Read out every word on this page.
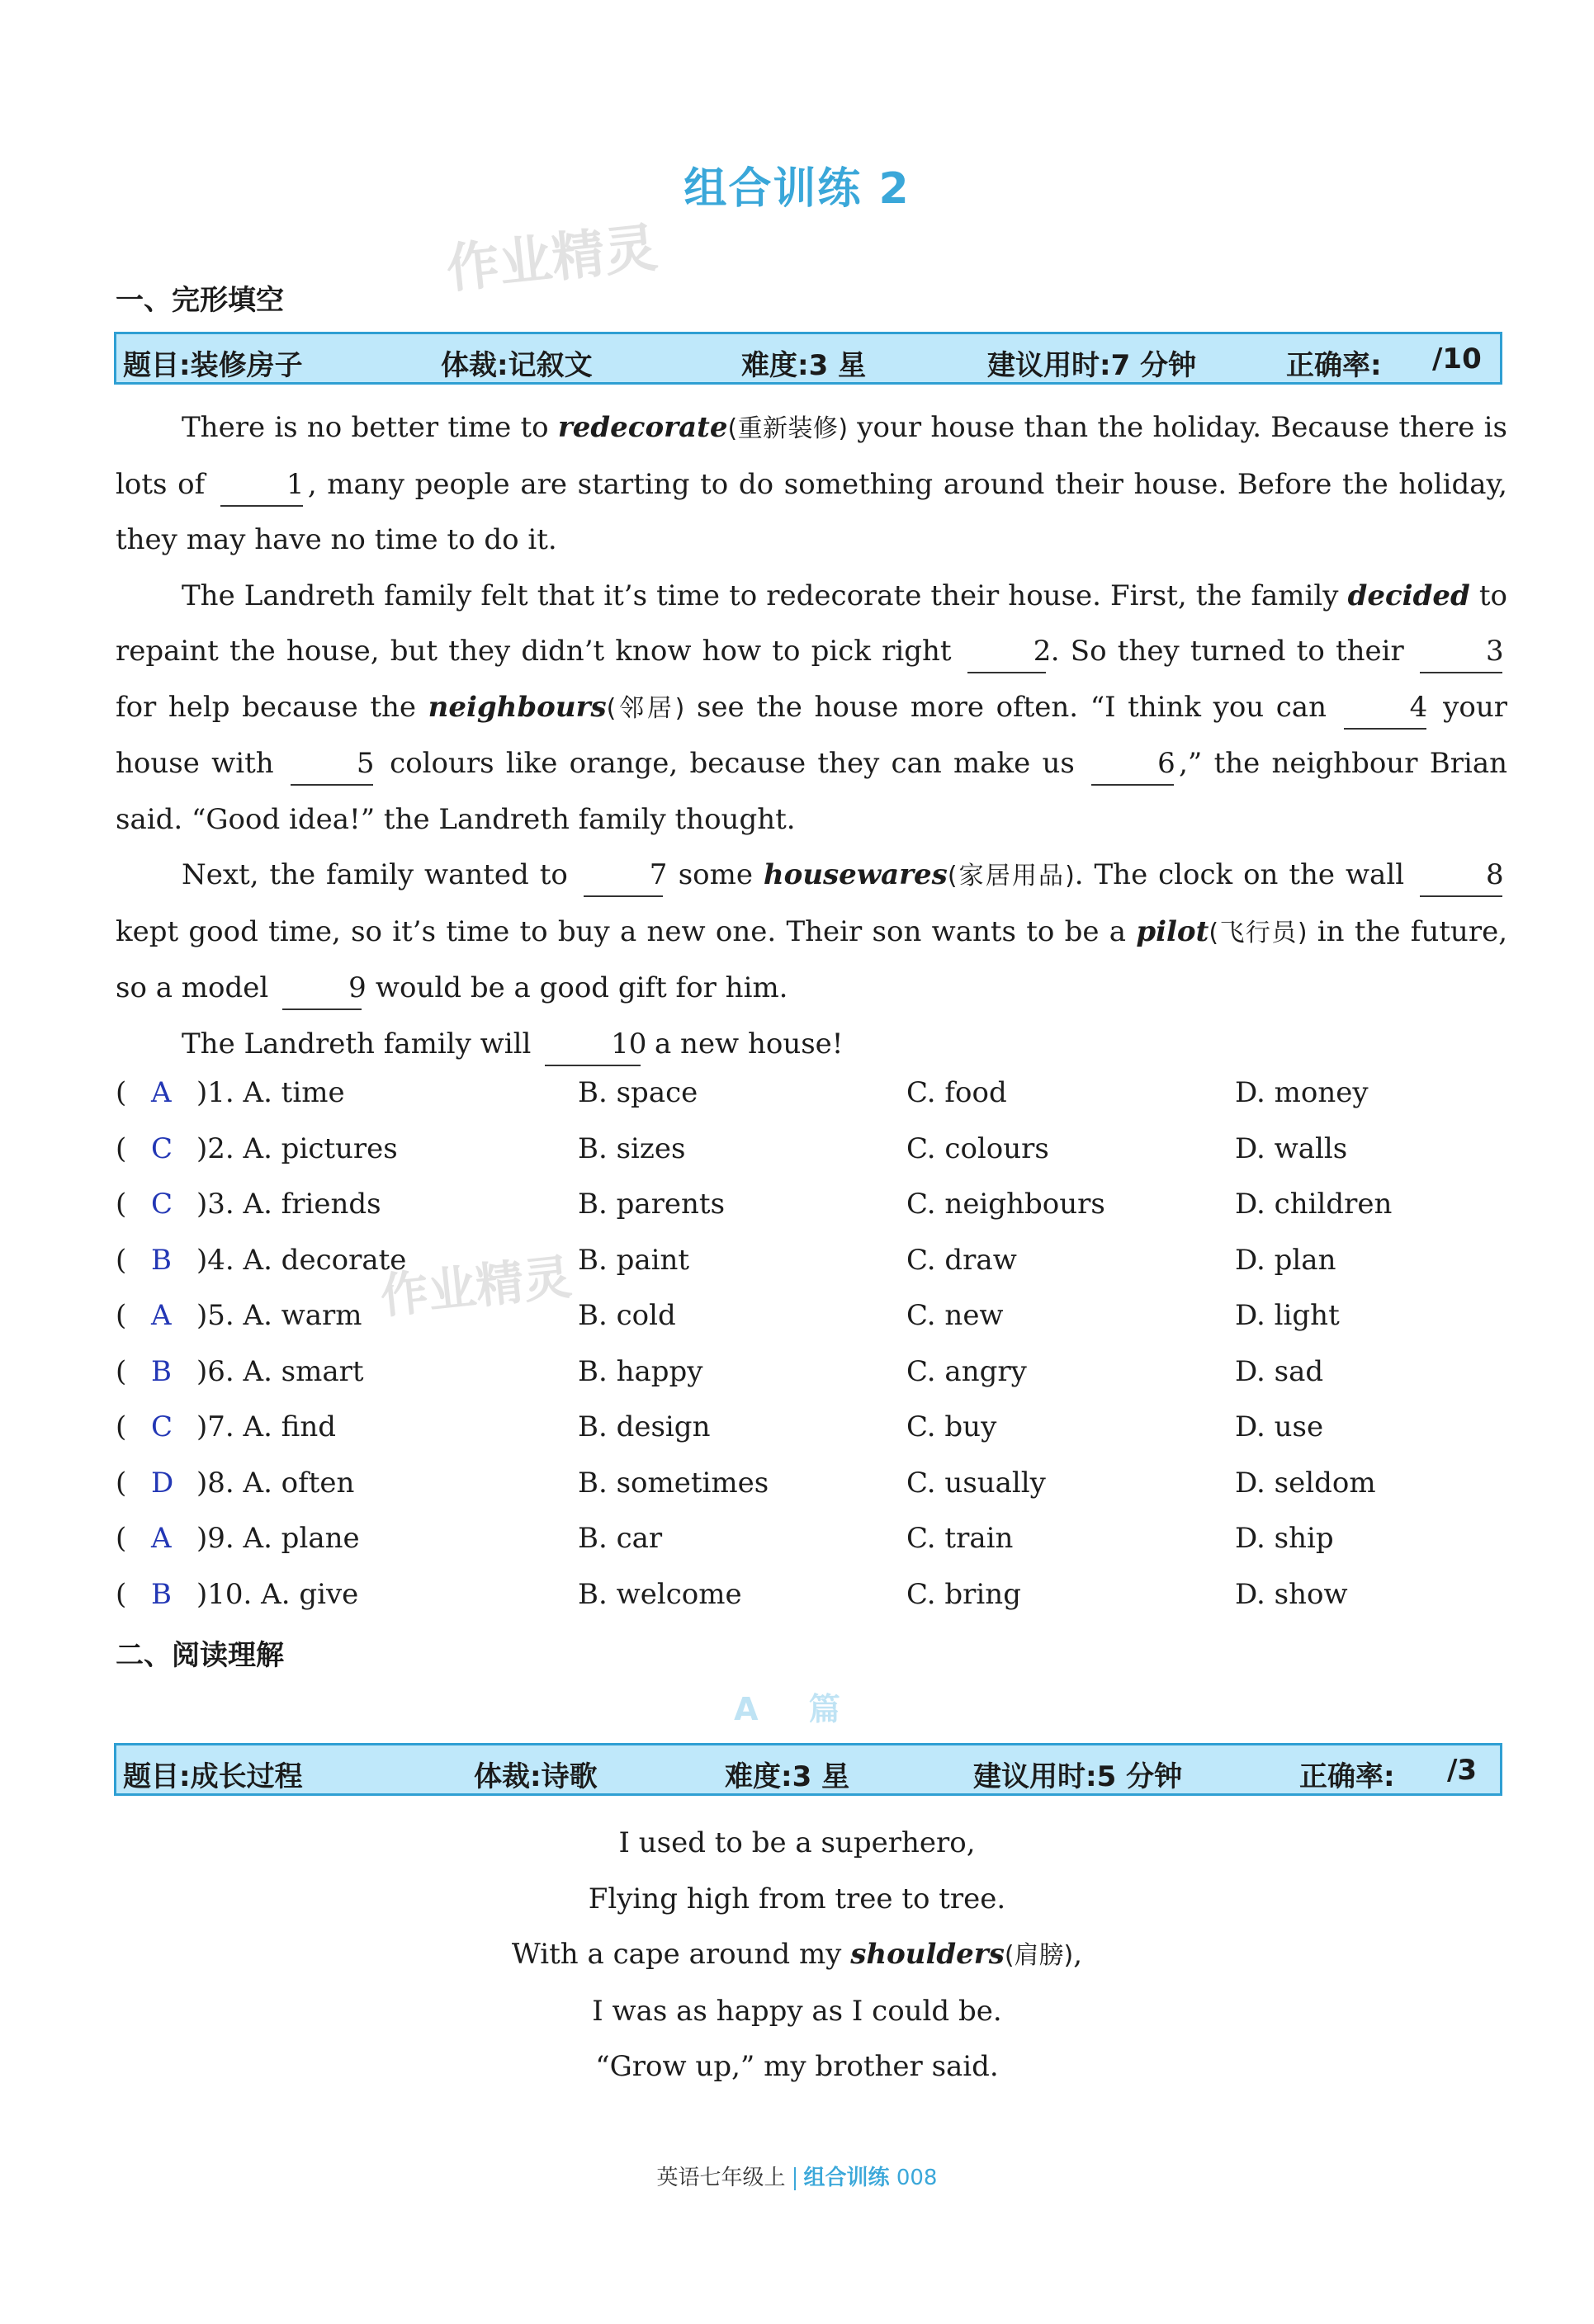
组合训练 2
作业精灵
一、完形填空
题目:装修房子	体裁:记叙文	难度:3 星	建议用时:7 分钟	正确率: /10

There is no better time to redecorate(重新装修) your house than the holiday. Because there is lots of	1 , many people are starting to do something around their house. Before the holiday, they may have no time to do it.

The Landreth family felt that it’s time to redecorate their house. First, the family decided to repaint the house, but they didn’t know how to pick right	2. So they turned to their	3 for help because the neighbours(邻居) see the house more often. “I think you can	4 your house with	5 colours like orange, because they can make us	6 ,” the neighbour Brian said. “Good idea!” the Landreth family thought.

Next, the family wanted to	7 some housewares(家居用品). The clock on the wall	8 kept good time, so it’s time to buy a new one. Their son wants to be a pilot(飞行员) in the future, so a model	9 would be a good gift for him.

The Landreth family will	10 a new house!

( A )1. A. time	B. space	C. food	D. money
( C )2. A. pictures	B. sizes	C. colours	D. walls
( C )3. A. friends	B. parents	C. neighbours	D. children
( B )4. A. decorate	B. paint	C. draw	D. plan
( A )5. A. warm	B. cold	C. new	D. light
( B )6. A. smart	B. happy	C. angry	D. sad
( C )7. A. find	B. design	C. buy	D. use
( D )8. A. often	B. sometimes	C. usually	D. seldom
( A )9. A. plane	B. car	C. train	D. ship
( B )10. A. give	B. welcome	C. bring	D. show
作业精灵
二、阅读理解
A 篇
题目:成长过程	体裁:诗歌	难度:3 星	建议用时:5 分钟	正确率: /3
I used to be a superhero,
Flying high from tree to tree.
With a cape around my shoulders(肩膀),
I was as happy as I could be.
“Grow up,” my brother said.
英语七年级上 组合训练 008
